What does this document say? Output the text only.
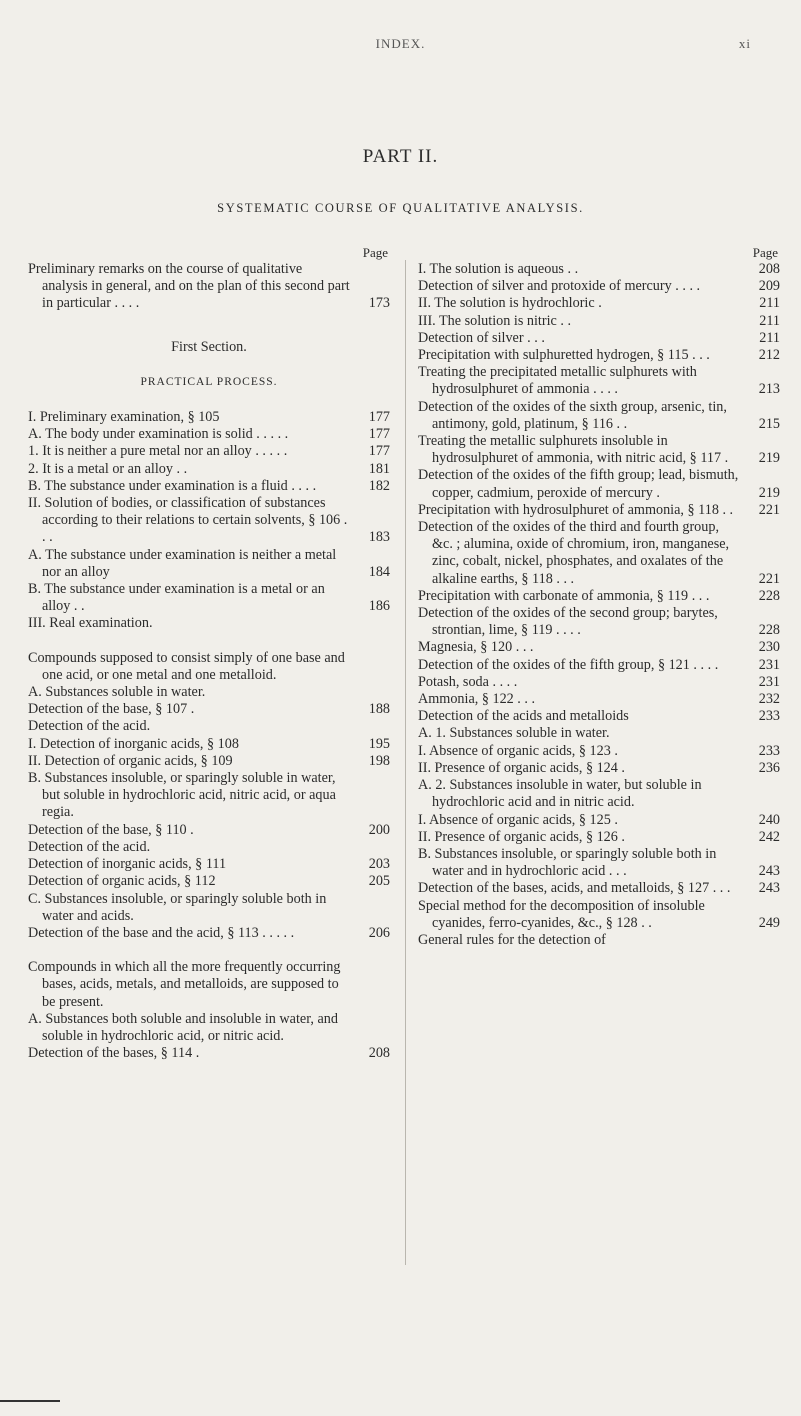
INDEX.	xi
PART II.
SYSTEMATIC COURSE OF QUALITATIVE ANALYSIS.
Page
Preliminary remarks on the course of qualitative analysis in general, and on the plan of this second part in particular . . . .	173
First Section.
PRACTICAL PROCESS.
I. Preliminary examination, § 105	177
A. The body under examination is solid . . . . .	177
1. It is neither a pure metal nor an alloy . . . . .	177
2. It is a metal or an alloy . .	181
B. The substance under examination is a fluid . . . .	182
II. Solution of bodies, or classification of substances according to their relations to certain solvents, § 106 . . .	183
A. The substance under examination is neither a metal nor an alloy	184
B. The substance under examination is a metal or an alloy . .	186
III. Real examination.
Compounds supposed to consist simply of one base and one acid, or one metal and one metalloid.
A. Substances soluble in water.
Detection of the base, § 107 .	188
Detection of the acid.
I. Detection of inorganic acids, § 108	195
II. Detection of organic acids, § 109	198
B. Substances insoluble, or sparingly soluble in water, but soluble in hydrochloric acid, nitric acid, or aqua regia.
Detection of the base, § 110 .	200
Detection of the acid.
Detection of inorganic acids, § 111	203
Detection of organic acids, § 112	205
C. Substances insoluble, or sparingly soluble both in water and acids.
Detection of the base and the acid, § 113 . . . . .	206
Compounds in which all the more frequently occurring bases, acids, metals, and metalloids, are supposed to be present.
A. Substances both soluble and insoluble in water, and soluble in hydrochloric acid, or nitric acid.
Detection of the bases, § 114 .	208
Page
I. The solution is aqueous . .	208
Detection of silver and protoxide of mercury . . . .	209
II. The solution is hydrochloric .	211
III. The solution is nitric . .	211
Detection of silver . . .	211
Precipitation with sulphuretted hydrogen, § 115 . . .	212
Treating the precipitated metallic sulphurets with hydrosulphuret of ammonia . . . .	213
Detection of the oxides of the sixth group, arsenic, tin, antimony, gold, platinum, § 116 . .	215
Treating the metallic sulphurets insoluble in hydrosulphuret of ammonia, with nitric acid, § 117 .	219
Detection of the oxides of the fifth group; lead, bismuth, copper, cadmium, peroxide of mercury .	219
Precipitation with hydrosulphuret of ammonia, § 118 . .	221
Detection of the oxides of the third and fourth group, &c. ; alumina, oxide of chromium, iron, manganese, zinc, cobalt, nickel, phosphates, and oxalates of the alkaline earths, § 118 . . .	221
Precipitation with carbonate of ammonia, § 119 . . .	228
Detection of the oxides of the second group; barytes, strontian, lime, § 119 . . . .	228
Magnesia, § 120 . . .	230
Detection of the oxides of the fifth group, § 121 . . . .	231
Potash, soda . . . .	231
Ammonia, § 122 . . .	232
Detection of the acids and metalloids	233
A. 1. Substances soluble in water.
I. Absence of organic acids, § 123 .	233
II. Presence of organic acids, § 124 .	236
A. 2. Substances insoluble in water, but soluble in hydrochloric acid and in nitric acid.
I. Absence of organic acids, § 125 .	240
II. Presence of organic acids, § 126 .	242
B. Substances insoluble, or sparingly soluble both in water and in hydrochloric acid . . .	243
Detection of the bases, acids, and metalloids, § 127 . . .	243
Special method for the decomposition of insoluble cyanides, ferro-cyanides, &c., § 128 . .	249
General rules for the detection of
